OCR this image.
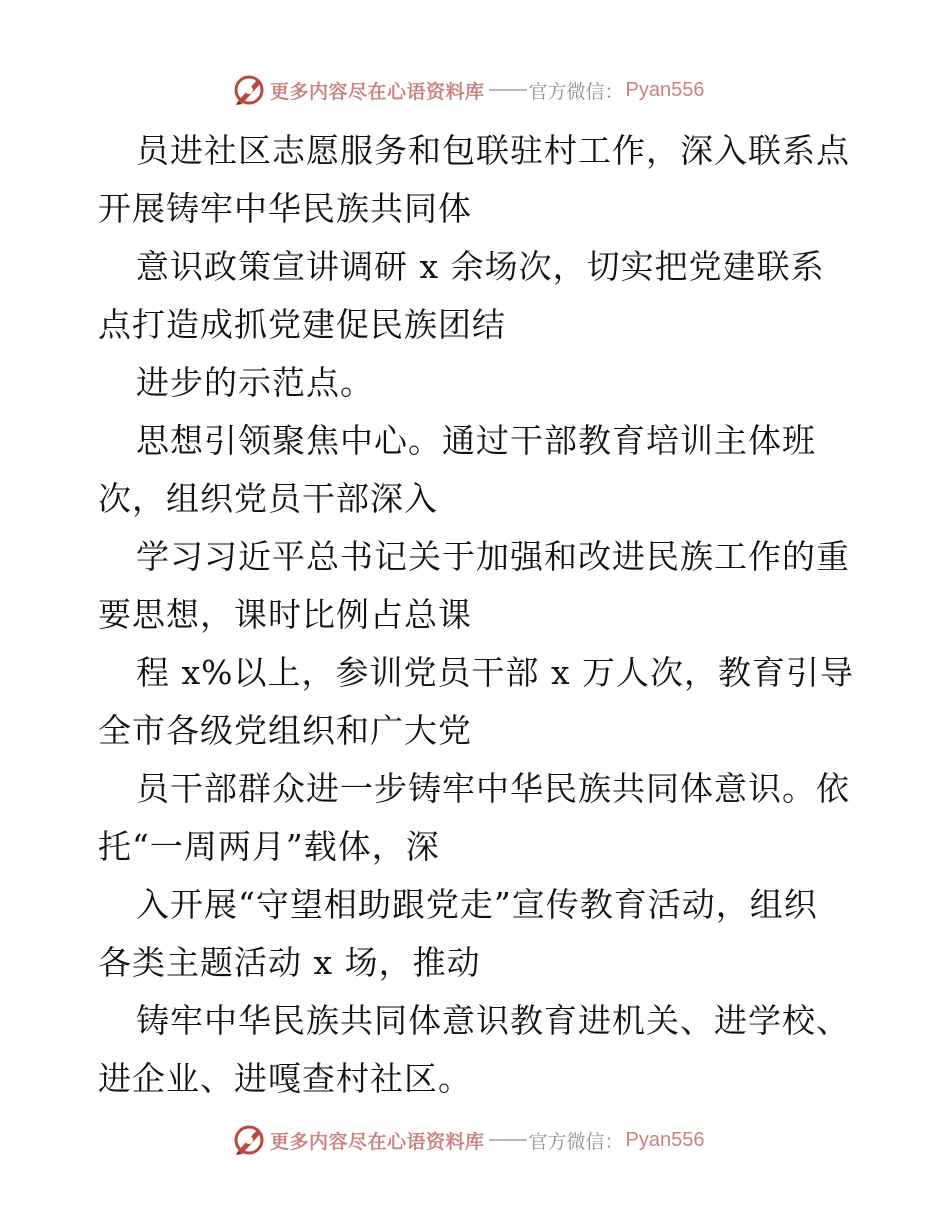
更多内容尽在心语资料库 官方微信： Pyan556
员进社区志愿服务和包联驻村工作，深入联系点
开展铸牢中华民族共同体
意识政策宣讲调研 x 余场次，切实把党建联系
点打造成抓党建促民族团结
进步的示范点。
思想引领聚焦中心。通过干部教育培训主体班
次，组织党员干部深入
学习习近平总书记关于加强和改进民族工作的重
要思想，课时比例占总课
程 x%以上，参训党员干部 x 万人次，教育引导
全市各级党组织和广大党
员干部群众进一步铸牢中华民族共同体意识。依
托“一周两月”载体，深
入开展“守望相助跟党走”宣传教育活动，组织
各类主题活动 x 场，推动
铸牢中华民族共同体意识教育进机关、进学校、
进企业、进嘎查村社区。
更多内容尽在心语资料库 官方微信： Pyan556
